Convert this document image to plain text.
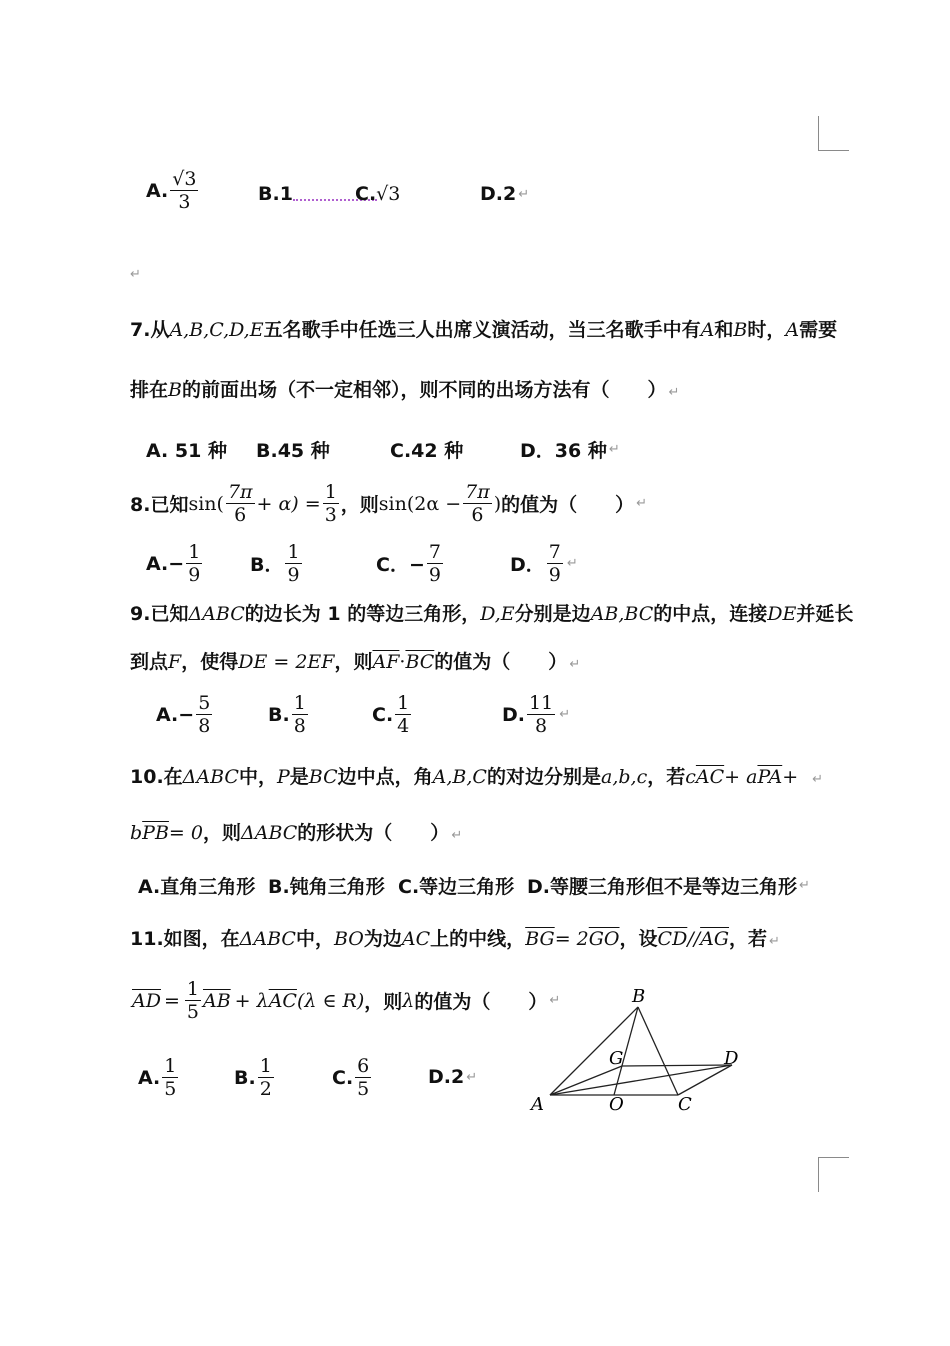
A. $\frac{√3}{3}$	B.1	C. √3	D.2 ↵
↵
7.从A,B,C,D,E五名歌手中任选三人出席义演活动，当三名歌手中有A和B时，A需要
排在B的前面出场（不一定相邻），则不同的出场方法有（　　） ↵
A. 51 种 B.45 种	C.42 种	D．36 种 ↵
8.已知 $\sin( \frac{7\pi}{6} + \alpha) = \frac{1}{3}$ ，则 $\sin(2\alpha - \frac{7\pi}{6}$ ) 的值为（　　） ↵
$A.- \frac{1}{9}$	B． $\frac{1}{9}$	C．− $\frac{7}{9}$	D． $\frac{7}{9}$ ↵
9.已知ΔABC的边长为 1 的等边三角形，D,E分别是边AB,BC的中点，连接DE并延长
到点F，使得DE = 2EF，则$\overline{AF}\cdot\overline{BC}$的值为（　　） ↵
$A.- \frac{5}{8}$	B. $\frac{1}{8}$	C. $\frac{1}{4}$	D. $\frac{11}{8}$ ↵
10.在ΔABC中，P是BC边中点，角A,B,C的对边分别是a,b,c，若$c\overline{AC}+ a\overline{PA}+$ ↵
$b\overline{PB}= 0$，则ΔABC的形状为（　　） ↵
A.直角三角形 B.钝角三角形 C.等边三角形 D.等腰三角形但不是等边三角形 ↵
11.如图，在ΔABC中，BO为边AC上的中线，$\overline{BG}= 2\overline{GO}$，设$\overline{CD}//\overline{AG}$，若 ↵
$\overline{AD} = \frac{1}{5} \overline{AB} + \lambda$ $\overline{AC}$ (λ ∈ R) ，则 λ 的值为（　　） ↵
A. $\frac{1}{5}$	B. $\frac{1}{2}$	C. $\frac{6}{5}$	D.2 ↵
B
G	D
A	O	C
